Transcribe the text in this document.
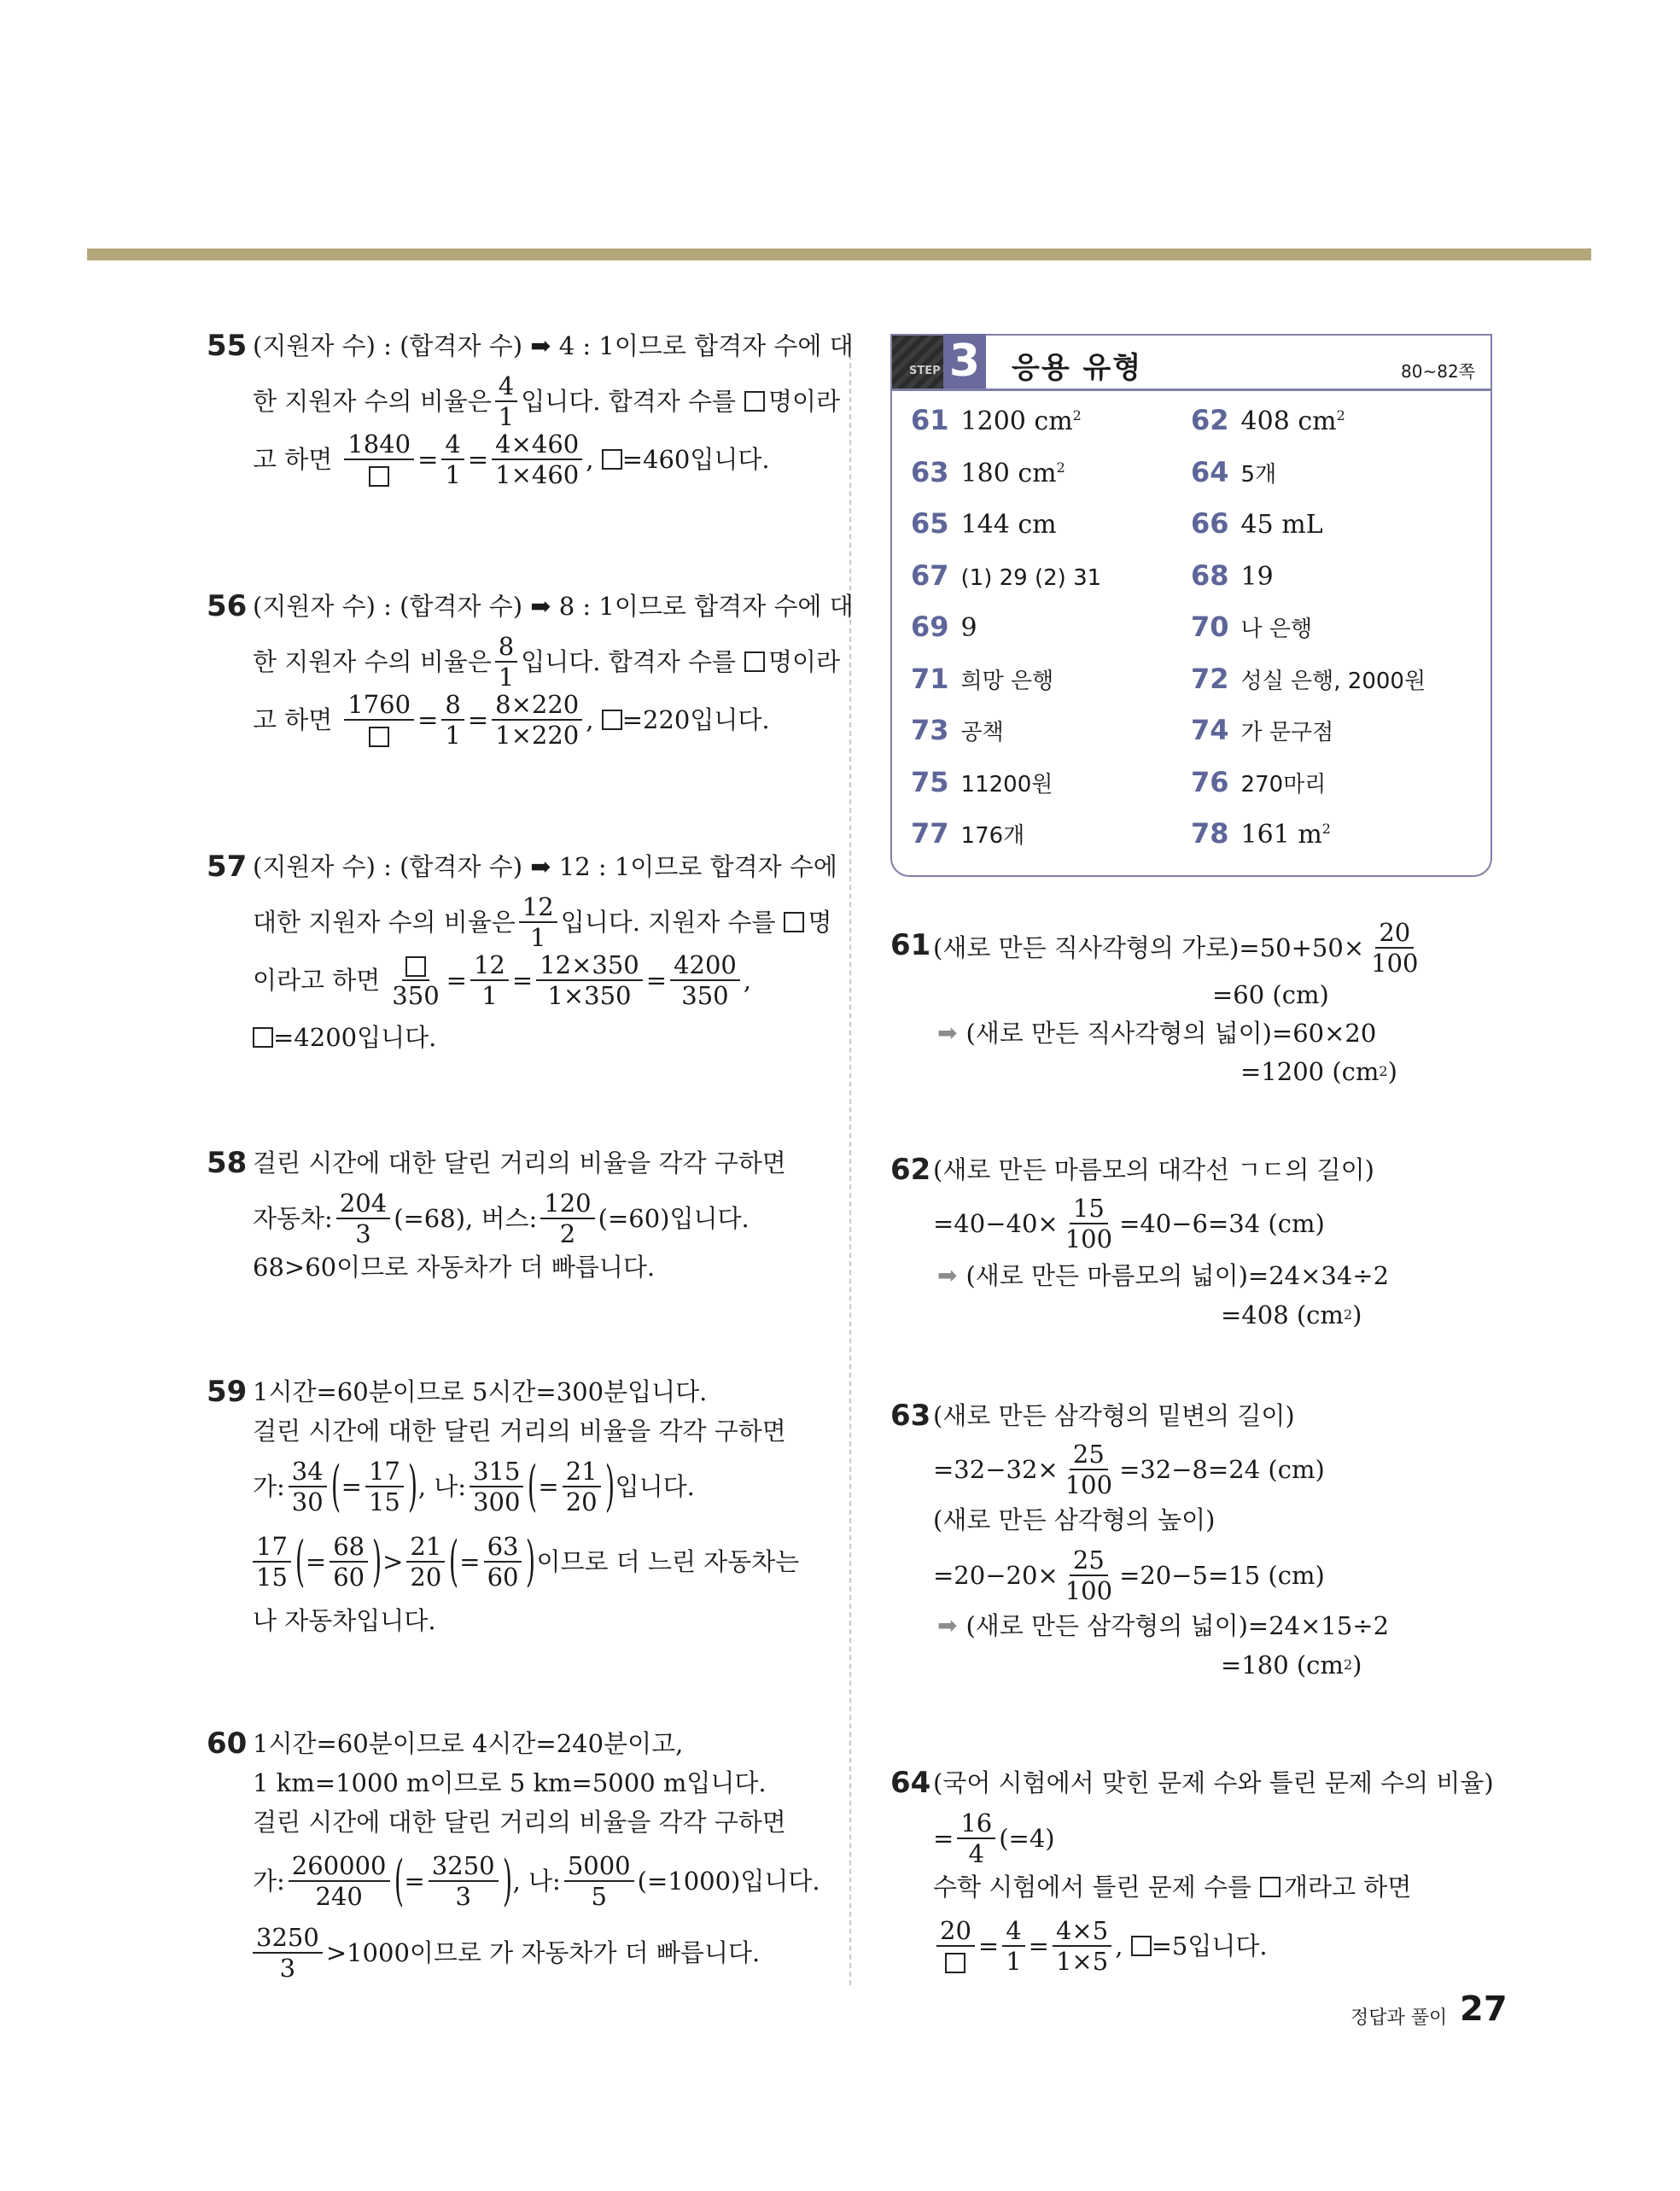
55 (지원자 수) : (합격자 수) ➡ 4 : 1이므로 합격자 수에 대
한 지원자 수의 비율은 $\frac{4}{1}$ 입니다. 합격자 수를 명이라
고 하면
1840
= $\frac{4}{1} = \frac{4\times 460}{1\times 460}$ , =460입니다.
56 (지원자 수) : (합격자 수) ➡ 8 : 1이므로 합격자 수에 대
한 지원자 수의 비율은 $\frac{8}{1}$ 입니다. 합격자 수를 명이라
고 하면
1760
= $\frac{8}{1} = \frac{8\times 220}{1\times 220}$ , =220입니다.
57 (지원자 수) : (합격자 수) ➡ 12 : 1이므로 합격자 수에
대한 지원자 수의 비율은 $\frac{12}{1}$ 입니다. 지원자 수를 명
이라고 하면
350
= $\frac{12}{1} = \frac{12\times 350}{1\times 350} = \frac{4200}{350}$ ,
=4200입니다.
58 걸린 시간에 대한 달린 거리의 비율을 각각 구하면
자동차: $\frac{204}{3} (=68)$, 버스: $\frac{120}{2} (=60)$입니다.
68>60이므로 자동차가 더 빠릅니다.
59 1시간=60분이므로 5시간=300분입니다.
걸린 시간에 대한 달린 거리의 비율을 각각 구하면
가: $\frac{34}{30}$ ( = $\frac{17}{15}$ ) , 나: $\frac{315}{300}$ ( = $\frac{21}{20}$ ) 입니다.
$\frac{17}{15}$ ( = $\frac{68}{60}$ ) > $\frac{21}{20}$ ( = $\frac{63}{60}$ ) 이므로 더 느린 자동차는
나 자동차입니다.
60 1시간=60분이므로 4시간=240분이고,
1 km=1000 m이므로 5 km=5000 m입니다.
걸린 시간에 대한 달린 거리의 비율을 각각 구하면
가: $\frac{260000}{240}$ ( = $\frac{3250}{3}$ ) , 나: $\frac{5000}{5} (=1000)$입니다.
$\frac{3250}{3} >1000$이므로 가 자동차가 더 빠릅니다.
STEP 3 응용 유형	80~82쪽
61 1200 $cm^2$	62 408 $cm^2$
63 180 $cm^2$	64 5개
65 144 cm	66 45 mL
67 (1) 29 (2) 31	68 19
69 9	70 나 은행
71 희망 은행	72 성실 은행, 2000원
73 공책	74 가 문구점
75 11200원	76 270마리
77 176개	78 161 $m^2$
61 (새로 만든 직사각형의 가로)$=50+50\times \frac{20}{100}$
=60 (cm)
➡ (새로 만든 직사각형의 넓이)=60×20
=1200 (cm 2 )
62 (새로 만든 마름모의 대각선 ㄱㄷ의 길이)
$=40-40\times \frac{15}{100} =40-6=34$ (cm)
➡ (새로 만든 마름모의 넓이)=24×34÷2
=408 (cm 2 )
63 (새로 만든 삼각형의 밑변의 길이)
$=32-32\times \frac{25}{100} =32-8=24$ (cm)
(새로 만든 삼각형의 높이)
$=20-20\times \frac{25}{100} =20-5=15$ (cm)
➡ (새로 만든 삼각형의 넓이)=24×15÷2
=180 (cm 2 )
64 (국어 시험에서 맞힌 문제 수와 틀린 문제 수의 비율)
= $\frac{16}{4} (=4)$
수학 시험에서 틀린 문제 수를 개라고 하면
20
= $\frac{4}{1} = \frac{4\times 5}{1\times 5}$ , =5입니다.
정답과 풀이 27
